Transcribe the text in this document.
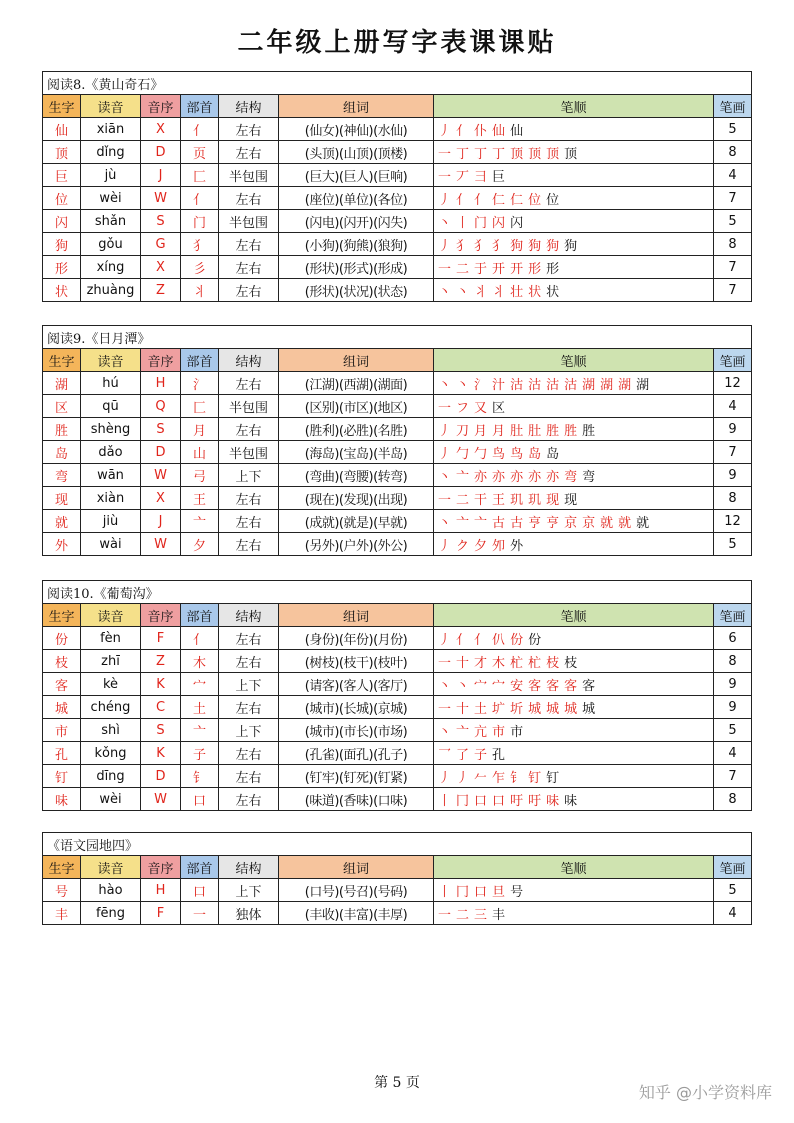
二年级上册写字表课课贴
阅读8.《黄山奇石》							
生字	读音	音序	部首	结构	组词	笔顺	笔画
仙	xiān	X	亻	左右	(仙女)(神仙)(水仙)	丿 亻 仆 仙 仙	5
顶	dǐng	D	页	左右	(头顶)(山顶)(顶楼)	一 丁 丁 丁 顶 顶 顶 顶	8
巨	jù	J	匚	半包围	(巨大)(巨人)(巨响)	一 丆 彐 巨	4
位	wèi	W	亻	左右	(座位)(单位)(各位)	丿 亻 亻 仁 仁 位 位	7
闪	shǎn	S	门	半包围	(闪电)(闪开)(闪失)	丶 丨 门 闪 闪	5
狗	gǒu	G	犭	左右	(小狗)(狗熊)(狼狗)	丿 犭 犭 犭 狗 狗 狗 狗	8
形	xíng	X	彡	左右	(形状)(形式)(形成)	一 二 于 开 开 形 形	7
状	zhuàng	Z	丬	左右	(形状)(状况)(状态)	丶 丶 丬 丬 壮 状 状	7
阅读9.《日月潭》							
生字	读音	音序	部首	结构	组词	笔顺	笔画
湖	hú	H	氵	左右	(江湖)(西湖)(湖面)	丶 丶 氵 汁 沽 沽 沽 沽 湖 湖 湖 湖	12
区	qū	Q	匚	半包围	(区别)(市区)(地区)	一 フ 又 区	4
胜	shèng	S	月	左右	(胜利)(必胜)(名胜)	丿 刀 月 月 肚 肚 胜 胜 胜	9
岛	dǎo	D	山	半包围	(海岛)(宝岛)(半岛)	丿 勹 勹 鸟 鸟 岛 岛	7
弯	wān	W	弓	上下	(弯曲)(弯腰)(转弯)	丶 亠 亦 亦 亦 亦 亦 弯 弯	9
现	xiàn	X	王	左右	(现在)(发现)(出现)	一 二 干 王 玑 玑 现 现	8
就	jiù	J	亠	左右	(成就)(就是)(早就)	丶 亠 亠 古 古 亨 亨 京 京 就 就 就	12
外	wài	W	夕	左右	(另外)(户外)(外公)	丿 ク 夕 夘 外	5
阅读10.《葡萄沟》							
生字	读音	音序	部首	结构	组词	笔顺	笔画
份	fèn	F	亻	左右	(身份)(年份)(月份)	丿 亻 亻 仈 份 份	6
枝	zhī	Z	木	左右	(树枝)(枝干)(枝叶)	一 十 才 木 杧 杧 枝 枝	8
客	kè	K	宀	上下	(请客)(客人)(客厅)	丶 丶 宀 宀 安 客 客 客 客	9
城	chéng	C	土	左右	(城市)(长城)(京城)	一 十 土 圹 圻 城 城 城 城	9
市	shì	S	亠	上下	(城市)(市长)(市场)	丶 亠 亢 市 市	5
孔	kǒng	K	子	左右	(孔雀)(面孔)(孔子)	乛 了 子 孔	4
钉	dīng	D	钅	左右	(钉牢)(钉死)(钉紧)	丿 丿 𠂉 乍 钅 钉 钉	7
味	wèi	W	口	左右	(味道)(香味)(口味)	丨 冂 口 口 吁 吁 味 味	8
《语文园地四》							
生字	读音	音序	部首	结构	组词	笔顺	笔画
号	hào	H	口	上下	(口号)(号召)(号码)	丨 冂 口 旦 号	5
丰	fēng	F	一	独体	(丰收)(丰富)(丰厚)	一 二 三 丰	4
第 5 页	知乎 @小学资料库
